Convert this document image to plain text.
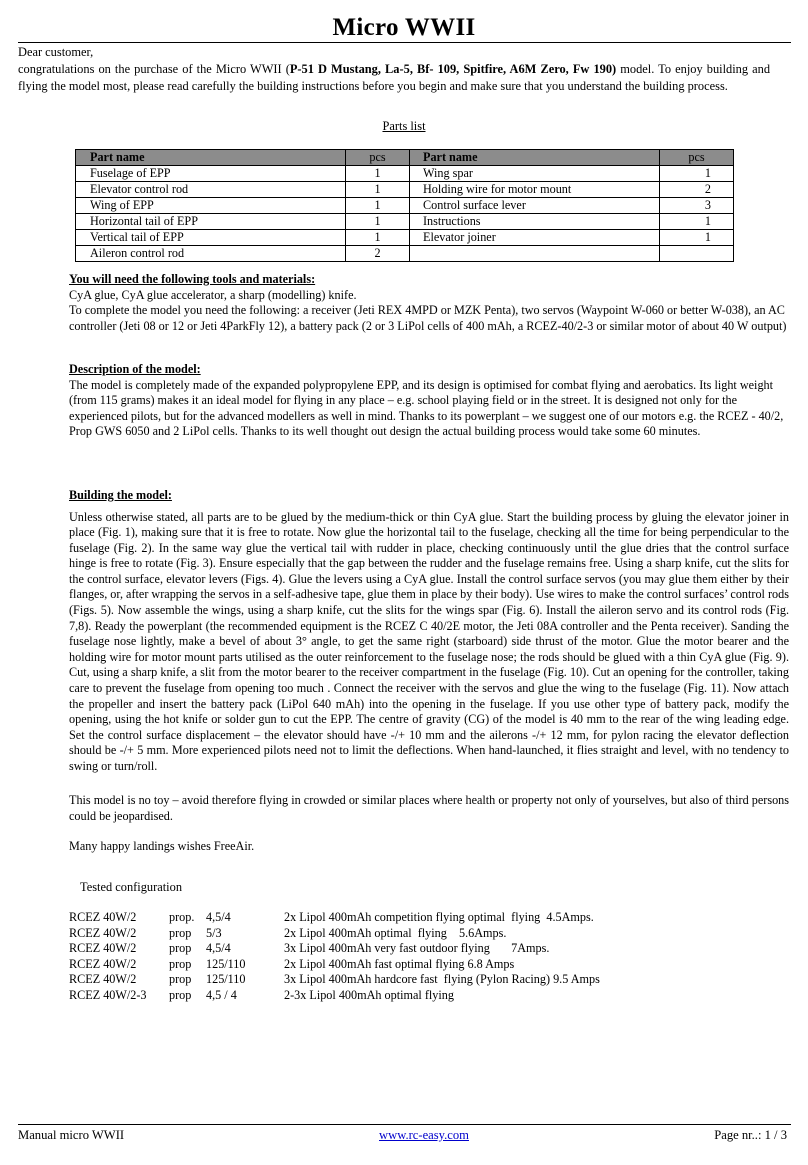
Micro WWII

Dear customer,

congratulations on the purchase of the Micro WWII (P-51 D Mustang, La-5, Bf- 109, Spitfire, A6M Zero, Fw 190) model. To enjoy building and flying the model most, please read carefully the building instructions before you begin and make sure that you understand the building process.

Parts list
Part name	pcs	Part name	pcs
Fuselage of EPP	1	Wing spar	1
Elevator control rod	1	Holding wire for motor mount	2
Wing of EPP	1	Control surface lever	3
Horizontal tail of EPP	1	Instructions	1
Vertical tail of EPP	1	Elevator joiner	1
Aileron control rod	2		

You will need the following tools and materials:

CyA glue, CyA glue accelerator, a sharp (modelling) knife.

To complete the model you need the following: a receiver (Jeti REX 4MPD or MZK Penta), two servos (Waypoint W-060 or better W-038), an AC controller (Jeti 08 or 12 or Jeti 4ParkFly 12), a battery pack (2 or 3 LiPol cells of 400 mAh, a RCEZ-40/2-3 or similar motor of about 40 W output)

Description of the model:

The model is completely made of the expanded polypropylene EPP, and its design is optimised for combat flying and aerobatics. Its light weight (from 115 grams) makes it an ideal model for flying in any place – e.g. school playing field or in the street. It is designed not only for the experienced pilots, but for the advanced modellers as well in mind. Thanks to its powerplant – we suggest one of our motors e.g. the RCEZ - 40/2, Prop GWS 6050 and 2 LiPol cells. Thanks to its well thought out design the actual building process would take some 60 minutes.

Building the model:

Unless otherwise stated, all parts are to be glued by the medium-thick or thin CyA glue. Start the building process by gluing the elevator joiner in place (Fig. 1), making sure that it is free to rotate. Now glue the horizontal tail to the fuselage, checking all the time for being perpendicular to the fuselage (Fig. 2). In the same way glue the vertical tail with rudder in place, checking continuously until the glue dries that the control surface hinge is free to rotate (Fig. 3). Ensure especially that the gap between the rudder and the fuselage remains free. Using a sharp knife, cut the slits for the control surface, elevator levers (Figs. 4). Glue the levers using a CyA glue. Install the control surface servos (you may glue them either by their flanges, or, after wrapping the servos in a self-adhesive tape, glue them in place by their body). Use wires to make the control surfaces’ control rods (Figs. 5). Now assemble the wings, using a sharp knife, cut the slits for the wings spar (Fig. 6). Install the aileron servo and its control rods (Fig. 7,8). Ready the powerplant (the recommended equipment is the RCEZ C 40/2E motor, the Jeti 08A controller and the Penta receiver). Sanding the fuselage nose lightly, make a bevel of about 3° angle, to get the same right (starboard) side thrust of the motor. Glue the motor bearer and the holding wire for motor mount parts utilised as the outer reinforcement to the fuselage nose; the rods should be glued with a thin CyA glue (Fig. 9). Cut, using a sharp knife, a slit from the motor bearer to the receiver compartment in the fuselage (Fig. 10). Cut an opening for the controller, taking care to prevent the fuselage from opening too much . Connect the receiver with the servos and glue the wing to the fuselage (Fig. 11). Now attach the propeller and insert the battery pack (LiPol 640 mAh) into the opening in the fuselage. If you use other type of battery pack, modify the opening, using the hot knife or solder gun to cut the EPP. The centre of gravity (CG) of the model is 40 mm to the rear of the wing leading edge. Set the control surface displacement – the elevator should have -/+ 10 mm and the ailerons -/+ 12 mm, for pylon racing the elevator deflection should be -/+ 5 mm. More experienced pilots need not to limit the deflections. When hand-launched, it flies straight and level, with no tendency to swing or turn/roll.

This model is no toy – avoid therefore flying in crowded or similar places where health or property not only of yourselves, but also of third persons could be jeopardised.
Many happy landings wishes FreeAir.
Tested configuration
RCEZ 40W/2	prop.	4,5/4	2x Lipol 400mAh competition flying optimal  flying  4.5Amps.
RCEZ 40W/2	prop	5/3	2x Lipol 400mAh optimal  flying    5.6Amps.
RCEZ 40W/2	prop	4,5/4	3x Lipol 400mAh very fast outdoor flying       7Amps.
RCEZ 40W/2	prop	125/110	2x Lipol 400mAh fast optimal flying 6.8 Amps
RCEZ 40W/2	prop	125/110	3x Lipol 400mAh hardcore fast  flying (Pylon Racing) 9.5 Amps
RCEZ 40W/2-3	prop	4,5 / 4	2-3x Lipol 400mAh optimal flying
Manual micro WWII	www.rc-easy.com	Page nr..: 1 / 3
